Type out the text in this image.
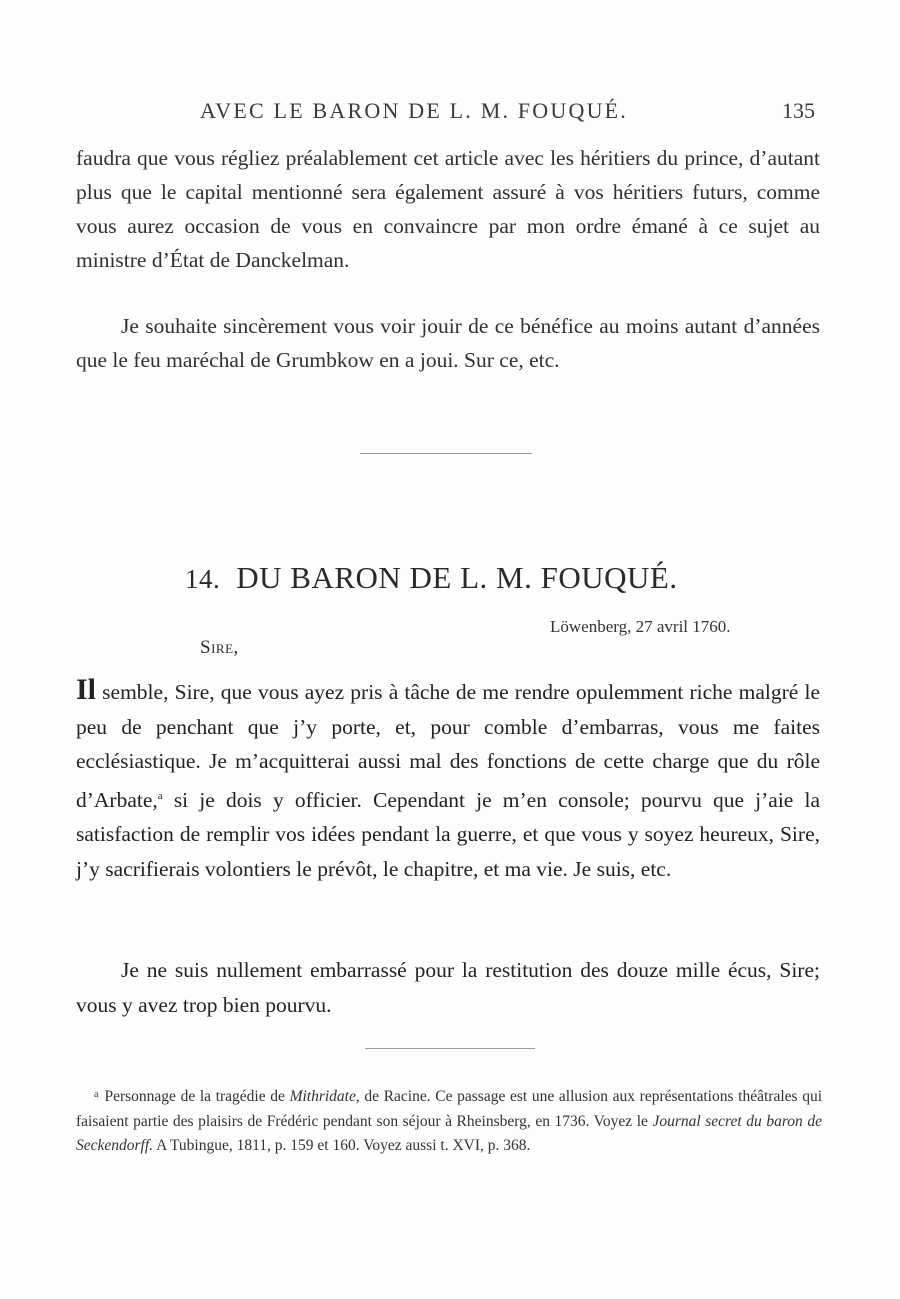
AVEC LE BARON DE L. M. FOUQUÉ.	135

faudra que vous régliez préalablement cet article avec les héritiers du prince, d’autant plus que le capital mentionné sera également assuré à vos héritiers futurs, comme vous aurez occasion de vous en convaincre par mon ordre émané à ce sujet au ministre d’État de Danckelman.

Je souhaite sincèrement vous voir jouir de ce bénéfice au moins autant d’années que le feu maréchal de Grumbkow en a joui. Sur ce, etc.

14. DU BARON DE L. M. FOUQUÉ.
Löwenberg, 27 avril 1760.
Sire,

Il semble, Sire, que vous ayez pris à tâche de me rendre opulemment riche malgré le peu de penchant que j’y porte, et, pour comble d’embarras, vous me faites ecclésiastique. Je m’acquitterai aussi mal des fonctions de cette charge que du rôle d’Arbate,$^a$ si je dois y officier. Cependant je m’en console; pourvu que j’aie la satisfaction de remplir vos idées pendant la guerre, et que vous y soyez heureux, Sire, j’y sacrifierais volontiers le prévôt, le chapitre, et ma vie. Je suis, etc.

Je ne suis nullement embarrassé pour la restitution des douze mille écus, Sire; vous y avez trop bien pourvu.

$^a$ Personnage de la tragédie de Mithridate, de Racine. Ce passage est une allusion aux représentations théâtrales qui faisaient partie des plaisirs de Frédéric pendant son séjour à Rheinsberg, en 1736. Voyez le Journal secret du baron de Seckendorff. A Tubingue, 1811, p. 159 et 160. Voyez aussi t. XVI, p. 368.
